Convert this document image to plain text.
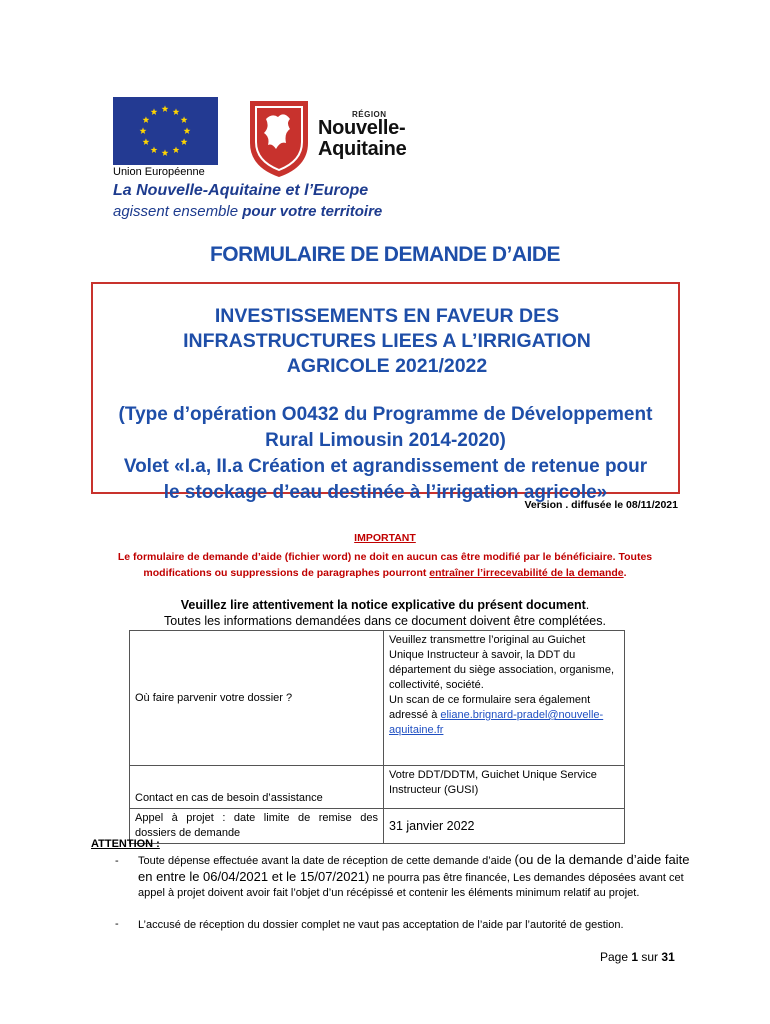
Union Européenne
RÉGION
Nouvelle-
Aquitaine
La Nouvelle-Aquitaine et l’Europe
agissent ensemble pour votre territoire
FORMULAIRE DE DEMANDE D’AIDE
INVESTISSEMENTS EN FAVEUR DES
INFRASTRUCTURES LIEES A L’IRRIGATION
AGRICOLE 2021/2022
(Type d’opération O0432 du Programme de Développement
Rural Limousin 2014-2020)
Volet «I.a, II.a Création et agrandissement de retenue pour
le stockage d’eau destinée à l’irrigation agricole»
Version . diffusée le 08/11/2021
IMPORTANT
Le formulaire de demande d’aide (fichier word) ne doit en aucun cas être modifié par le bénéficiaire. Toutes modifications ou suppressions de paragraphes pourront entraîner l’irrecevabilité de la demande.
Veuillez lire attentivement la notice explicative du présent document.
Toutes les informations demandées dans ce document doivent être complétées.
Où faire parvenir votre dossier ?	Veuillez transmettre l’original au Guichet Unique Instructeur à savoir, la DDT du département du siège association, organisme, collectivité, société.
Un scan de ce formulaire sera également adressé à eliane.brignard-pradel@nouvelle-aquitaine.fr
Contact en cas de besoin d’assistance	Votre DDT/DDTM, Guichet Unique Service Instructeur (GUSI)
Appel à projet : date limite de remise des dossiers de demande	31 janvier 2022
ATTENTION :
- Toute dépense effectuée avant la date de réception de cette demande d’aide (ou de la demande d’aide faite en entre le 06/04/2021 et le 15/07/2021) ne pourra pas être financée, Les demandes déposées avant cet appel à projet doivent avoir fait l’objet d’un récépissé et contenir les éléments minimum relatif au projet.
- L’accusé de réception du dossier complet ne vaut pas acceptation de l’aide par l’autorité de gestion.
Page 1 sur 31
